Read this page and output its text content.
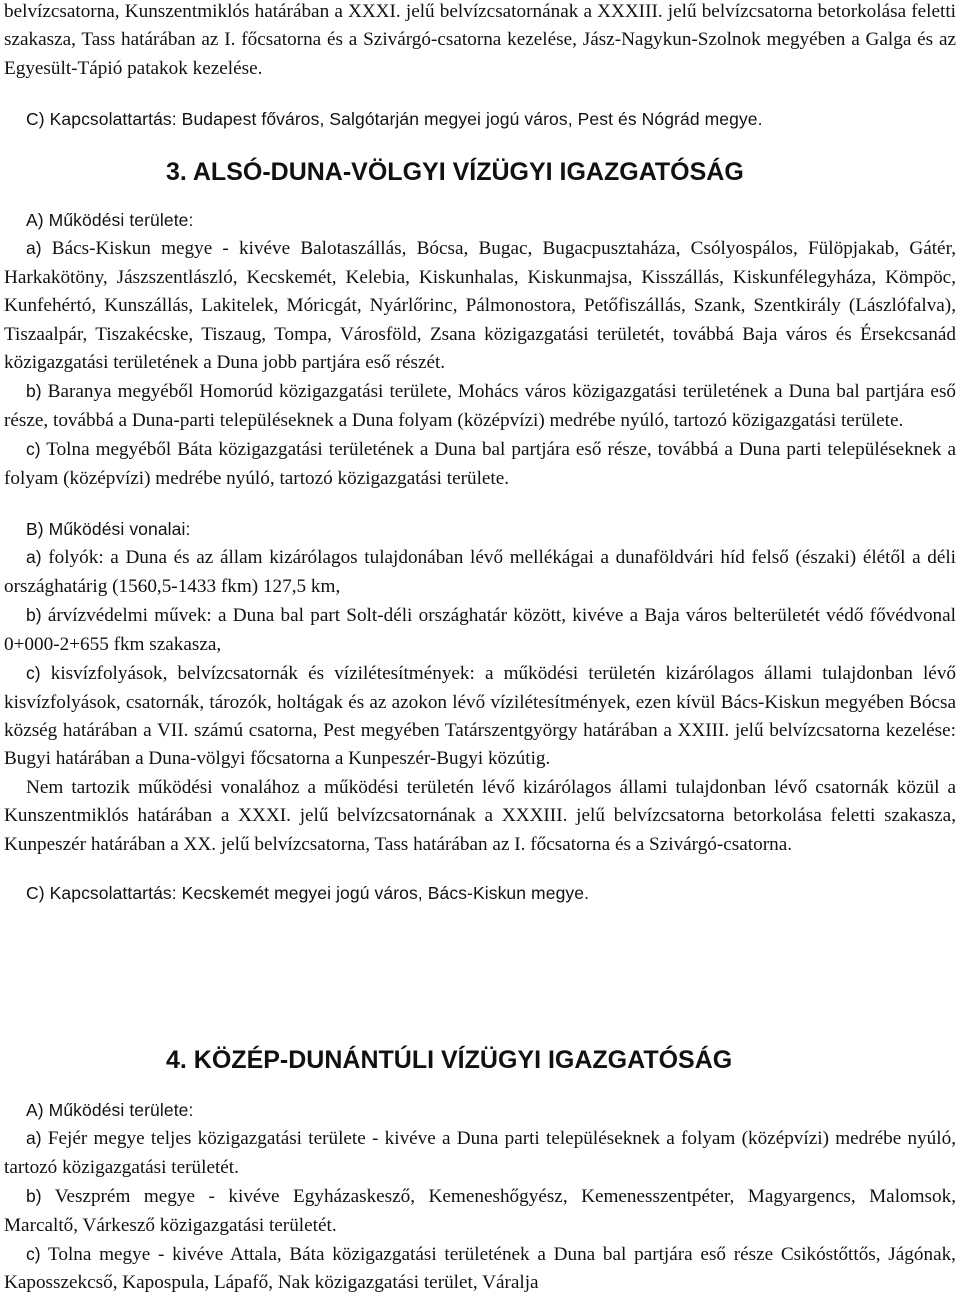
belvízcsatorna, Kunszentmiklós határában a XXXI. jelű belvízcsatornának a XXXIII. jelű belvízcsatorna betorkolása feletti szakasza, Tass határában az I. főcsatorna és a Szivárgó-csatorna kezelése, Jász-Nagykun-Szolnok megyében a Galga és az Egyesült-Tápió patakok kezelése.

C) Kapcsolattartás: Budapest főváros, Salgótarján megyei jogú város, Pest és Nógrád megye.

3. ALSÓ-DUNA-VÖLGYI VÍZÜGYI IGAZGATÓSÁG

A) Működési területe:

a) Bács-Kiskun megye - kivéve Balotaszállás, Bócsa, Bugac, Bugacpusztaháza, Csólyospálos, Fülöpjakab, Gátér, Harkakötöny, Jászszentlászló, Kecskemét, Kelebia, Kiskunhalas, Kiskunmajsa, Kisszállás, Kiskunfélegyháza, Kömpöc, Kunfehértó, Kunszállás, Lakitelek, Móricgát, Nyárlőrinc, Pálmonostora, Petőfiszállás, Szank, Szentkirály (Lászlófalva), Tiszaalpár, Tiszakécske, Tiszaug, Tompa, Városföld, Zsana közigazgatási területét, továbbá Baja város és Érsekcsanád közigazgatási területének a Duna jobb partjára eső részét.

b) Baranya megyéből Homorúd közigazgatási területe, Mohács város közigazgatási területének a Duna bal partjára eső része, továbbá a Duna-parti településeknek a Duna folyam (középvízi) medrébe nyúló, tartozó közigazgatási területe.

c) Tolna megyéből Báta közigazgatási területének a Duna bal partjára eső része, továbbá a Duna parti településeknek a folyam (középvízi) medrébe nyúló, tartozó közigazgatási területe.

B) Működési vonalai:

a) folyók: a Duna és az állam kizárólagos tulajdonában lévő mellékágai a dunaföldvári híd felső (északi) élétől a déli országhatárig (1560,5-1433 fkm) 127,5 km,

b) árvízvédelmi művek: a Duna bal part Solt-déli országhatár között, kivéve a Baja város belterületét védő fővédvonal 0+000-2+655 fkm szakasza,

c) kisvízfolyások, belvízcsatornák és vízilétesítmények: a működési területén kizárólagos állami tulajdonban lévő kisvízfolyások, csatornák, tározók, holtágak és az azokon lévő vízilétesítmények, ezen kívül Bács-Kiskun megyében Bócsa község határában a VII. számú csatorna, Pest megyében Tatárszentgyörgy határában a XXIII. jelű belvízcsatorna kezelése: Bugyi határában a Duna-völgyi főcsatorna a Kunpeszér-Bugyi közútig.

Nem tartozik működési vonalához a működési területén lévő kizárólagos állami tulajdonban lévő csatornák közül a Kunszentmiklós határában a XXXI. jelű belvízcsatornának a XXXIII. jelű belvízcsatorna betorkolása feletti szakasza, Kunpeszér határában a XX. jelű belvízcsatorna, Tass határában az I. főcsatorna és a Szivárgó-csatorna.

C) Kapcsolattartás: Kecskemét megyei jogú város, Bács-Kiskun megye.

4. KÖZÉP-DUNÁNTÚLI VÍZÜGYI IGAZGATÓSÁG

A) Működési területe:

a) Fejér megye teljes közigazgatási területe - kivéve a Duna parti településeknek a folyam (középvízi) medrébe nyúló, tartozó közigazgatási területét.

b) Veszprém megye - kivéve Egyházaskesző, Kemeneshőgyész, Kemenesszentpéter, Magyargencs, Malomsok, Marcaltő, Várkesző közigazgatási területét.

c) Tolna megye - kivéve Attala, Báta közigazgatási területének a Duna bal partjára eső része Csikóstőttős, Jágónak, Kaposszekcső, Kapospula, Lápafő, Nak közigazgatási terület, Váralja
